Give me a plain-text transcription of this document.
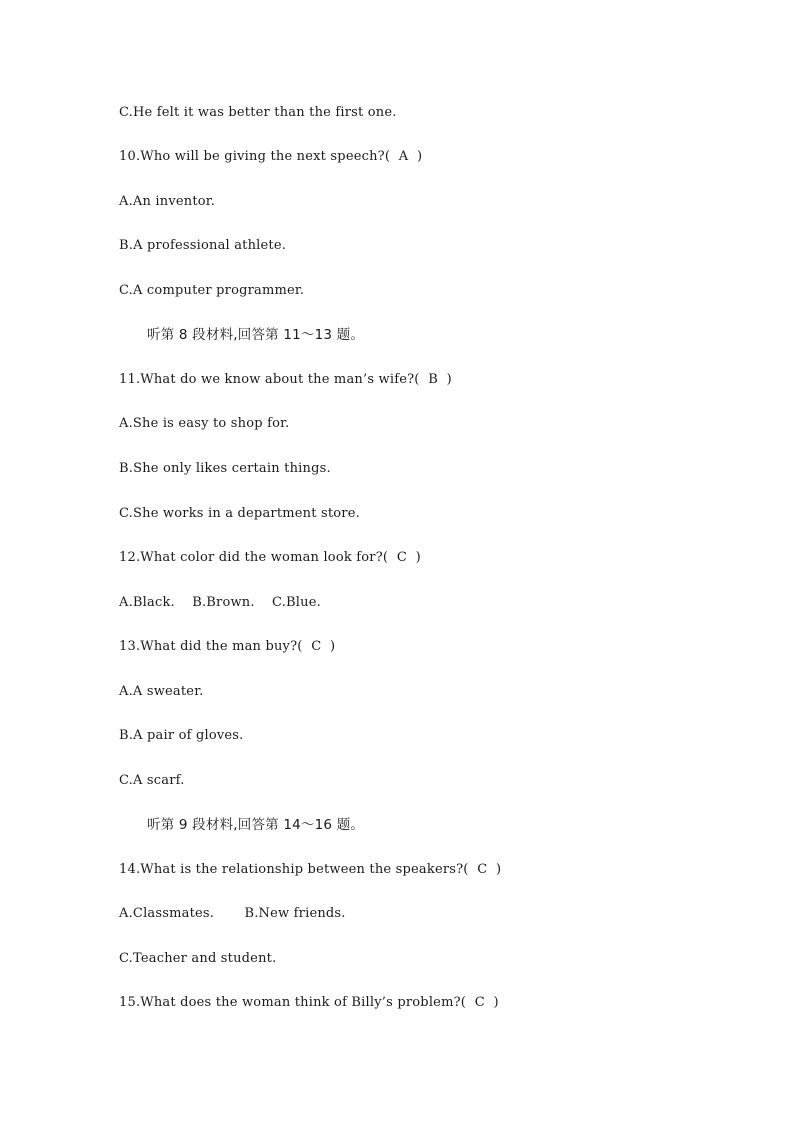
C.He felt it was better than the first one.
10.Who will be giving the next speech?(  A  )
A.An inventor.
B.A professional athlete.
C.A computer programmer.
听第 8 段材料,回答第 11～13 题。
11.What do we know about the man’s wife?(  B  )
A.She is easy to shop for.
B.She only likes certain things.
C.She works in a department store.
12.What color did the woman look for?(  C  )
A.Black.    B.Brown.    C.Blue.
13.What did the man buy?(  C  )
A.A sweater.
B.A pair of gloves.
C.A scarf.
听第 9 段材料,回答第 14～16 题。
14.What is the relationship between the speakers?(  C  )
A.Classmates.       B.New friends.
C.Teacher and student.
15.What does the woman think of Billy’s problem?(  C  )
